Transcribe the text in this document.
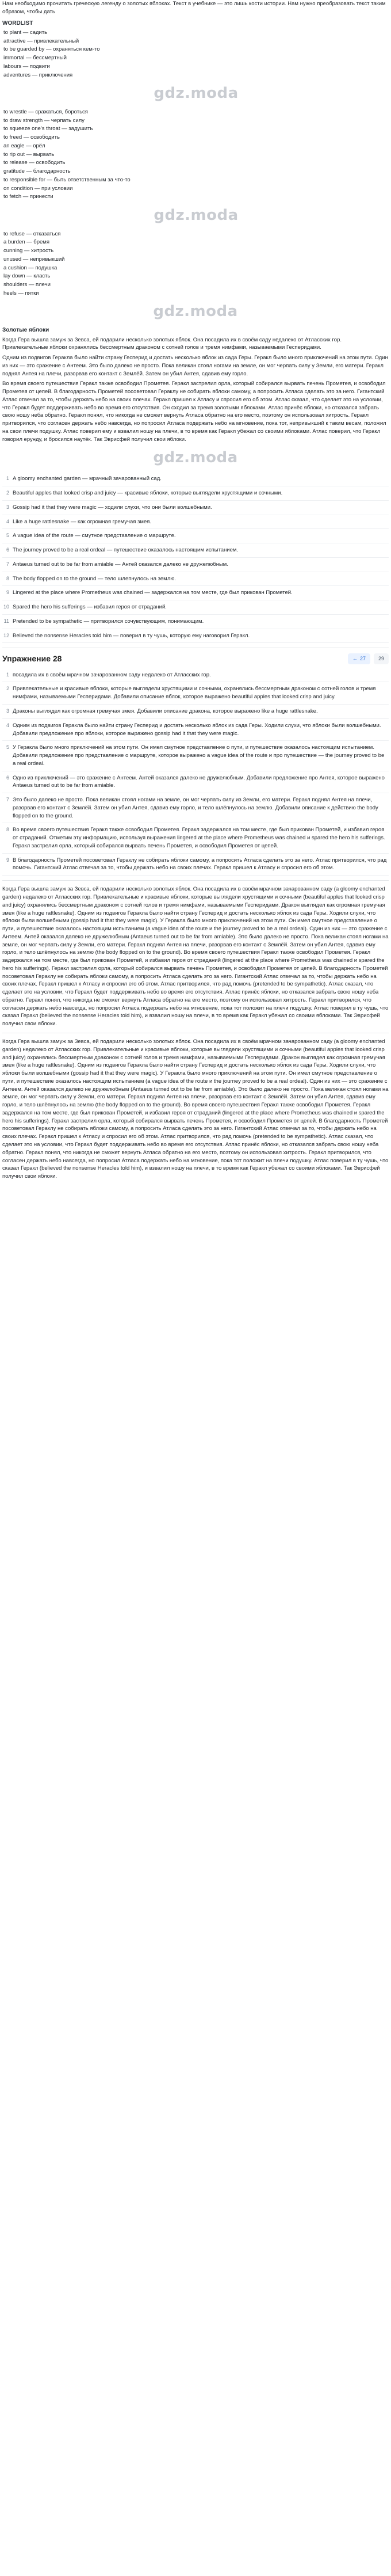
Нам необходимо прочитать греческую легенду о золотых яблоках. Текст в учебнике — это лишь кости истории. Нам нужно преобразовать текст таким образом, чтобы дать

WORDLIST
to plant — садить
attractive — привлекательный
to be guarded by — охраняться кем-то
immortal — бессмертный
labours — подвиги
adventures — приключения
gdz.moda
to wrestle — сражаться, бороться
to draw strength — черпать силу
to squeeze one's throat — задушить
to freed — освободить
an eagle — орёл
to rip out — вырвать
to release — освободить
gratitude — благодарность
to responsible for — быть ответственным за что-то
on condition — при условии
to fetch — принести
gdz.moda
to refuse — отказаться
a burden — бремя
cunning — хитрость
unused — непривыкший
a cushion — подушка
lay down — класть
shoulders — плечи
heels — пятки
gdz.moda
Золотые яблоки

Когда Гера вышла замуж за Зевса, ей подарили несколько золотых яблок. Она посадила их в своём саду недалеко от Атласских гор. Привлекательные яблоки охранялись бессмертным драконом с сотней голов и тремя нимфами, называемыми Гесперидами.

Одним из подвигов Геракла было найти страну Гесперид и достать несколько яблок из сада Геры. Геракл было много приключений на этом пути. Один из них — это сражение с Антеем. Это было далеко не просто. Пока великан стоял ногами на земле, он мог черпать силу у Земли, его матери. Геракл поднял Антея на плечи, разорвав его контакт с Землёй. Затем он убил Антея, сдавив ему горло.

Во время своего путешествия Геракл также освободил Прометея. Геракл застрелил орла, который собирался вырвать печень Прометея, и освободил Прометея от цепей. В благодарность Прометей посоветовал Гераклу не собирать яблоки самому, а попросить Атласа сделать это за него. Гигантский Атлас отвечал за то, чтобы держать небо на своих плечах. Геракл пришел к Атласу и спросил его об этом. Атлас сказал, что сделает это на условии, что Геракл будет поддерживать небо во время его отсутствия. Он сходил за тремя золотыми яблоками. Атлас принёс яблоки, но отказался забрать свою ношу неба обратно. Геракл понял, что никогда не сможет вернуть Атласа обратно на его место, поэтому он использовал хитрость. Геракл притворился, что согласен держать небо навсегда, но попросил Атласа подержать небо на мгновение, пока тот, непривыкший к таким весам, положил на свои плечи подушку. Атлас поверил ему и взвалил ношу на плечи, в то время как Геракл убежал со своими яблоками. Атлас поверил, что Геракл говорил ерунду, и бросился наутёк. Так Эврисфей получил свои яблоки.

gdz.moda
1 A gloomy enchanted garden — мрачный зачарованный сад.
2 Beautiful apples that looked crisp and juicy — красивые яблоки, которые выглядели хрустящими и сочными.
3 Gossip had it that they were magic — ходили слухи, что они были волшебными.
4 Like a huge rattlesnake — как огромная гремучая змея.
5 A vague idea of the route — смутное представление о маршруте.
6 The journey proved to be a real ordeal — путешествие оказалось настоящим испытанием.
7 Antaeus turned out to be far from amiable — Антей оказался далеко не дружелюбным.
8 The body flopped on to the ground — тело шлепнулось на землю.
9 Lingered at the place where Prometheus was chained — задержался на том месте, где был прикован Прометей.
10 Spared the hero his sufferings — избавил героя от страданий.
11 Pretended to be sympathetic — притворился сочувствующим, понимающим.
12 Believed the nonsense Heracles told him — поверил в ту чушь, которую ему наговорил Геракл.
Упражнение 28	← 27 29
1 посадила их в своём мрачном зачарованном саду недалеко от Атласских гор.
2 Привлекательные и красивые яблоки, которые выглядели хрустящими и сочными, охранялись бессмертным драконом с сотней голов и тремя нимфами, называемыми Гесперидами. Добавили описание яблок, которое выражено beautiful apples that looked crisp and juicy.
3 Драконы выглядел как огромная гремучая змея. Добавили описание дракона, которое выражено like a huge rattlesnake.
4 Одним из подвигов Геракла было найти страну Гесперид и достать несколько яблок из сада Геры. Ходили слухи, что яблоки были волшебными. Добавили предложение про яблоки, которое выражено gossip had it that they were magic.
5 У Геракла было много приключений на этом пути. Он имел смутное представление о пути, и путешествие оказалось настоящим испытанием. Добавили предложение про представление о маршруте, которое выражено a vague idea of the route и про путешествие — the journey proved to be a real ordeal.
6 Одно из приключений — это сражение с Антеем. Антей оказался далеко не дружелюбным. Добавили предложение про Антея, которое выражено Antaeus turned out to be far from amiable.
7 Это было далеко не просто. Пока великан стоял ногами на земле, он мог черпать силу из Земли, его матери. Геракл поднял Антея на плечи, разорвав его контакт с Землёй. Затем он убил Антея, сдавив ему горло, и тело шлёпнулось на землю. Добавили описание к действию the body flopped on to the ground.
8 Во время своего путешествия Геракл также освободил Прометея. Геракл задержался на том месте, где был прикован Прометей, и избавил героя от страданий. Отметим эту информацию, используя выражения lingered at the place where Prometheus was chained и spared the hero his sufferings. Геракл застрелил орла, который собирался вырвать печень Прометея, и освободил Прометея от цепей.
9 В благодарность Прометей посоветовал Гераклу не собирать яблоки самому, а попросить Атласа сделать это за него. Атлас притворился, что рад помочь. Гигантский Атлас отвечал за то, чтобы держать небо на своих плечах. Геракл пришел к Атласу и спросил его об этом.

Когда Гера вышла замуж за Зевса, ей подарили несколько золотых яблок. Она посадила их в своём мрачном зачарованном саду (a gloomy enchanted garden) недалеко от Атласских гор. Привлекательные и красивые яблоки, которые выглядели хрустящими и сочными (beautiful apples that looked crisp and juicy) охранялись бессмертным драконом с сотней голов и тремя нимфами, называемыми Гесперидами. Дракон выглядел как огромная гремучая змея (like a huge rattlesnake). Одним из подвигов Геракла было найти страну Гесперид и достать несколько яблок из сада Геры. Ходили слухи, что яблоки были волшебными (gossip had it that they were magic). У Геракла было много приключений на этом пути. Он имел смутное представление о пути, и путешествие оказалось настоящим испытанием (a vague idea of the route и the journey proved to be a real ordeal). Один из них — это сражение с Антеем. Антей оказался далеко не дружелюбным (Antaeus turned out to be far from amiable). Это было далеко не просто. Пока великан стоял ногами на земле, он мог черпать силу у Земли, его матери. Геракл поднял Антея на плечи, разорвав его контакт с Землёй. Затем он убил Антея, сдавив ему горло, и тело шлёпнулось на землю (the body flopped on to the ground). Во время своего путешествия Геракл также освободил Прометея. Геракл задержался на том месте, где был прикован Прометей, и избавил героя от страданий (lingered at the place where Prometheus was chained и spared the hero his sufferings). Геракл застрелил орла, который собирался вырвать печень Прометея, и освободил Прометея от цепей. В благодарность Прометей посоветовал Гераклу не собирать яблоки самому, а попросить Атласа сделать это за него. Гигантский Атлас отвечал за то, чтобы держать небо на своих плечах. Геракл пришел к Атласу и спросил его об этом. Атлас притворился, что рад помочь (pretended to be sympathetic). Атлас сказал, что сделает это на условии, что Геракл будет поддерживать небо во время его отсутствия. Атлас принёс яблоки, но отказался забрать свою ношу неба обратно. Геракл понял, что никогда не сможет вернуть Атласа обратно на его место, поэтому он использовал хитрость. Геракл притворился, что согласен держать небо навсегда, но попросил Атласа подержать небо на мгновение, пока тот положит на плечи подушку. Атлас поверил в ту чушь, что сказал Геракл (believed the nonsense Heracles told him), и взвалил ношу на плечи, в то время как Геракл убежал со своими яблоками. Так Эврисфей получил свои яблоки.

Когда Гера вышла замуж за Зевса, ей подарили несколько золотых яблок. Она посадила их в своём мрачном зачарованном саду (a gloomy enchanted garden) недалеко от Атласских гор. Привлекательные и красивые яблоки, которые выглядели хрустящими и сочными (beautiful apples that looked crisp and juicy) охранялись бессмертным драконом с сотней голов и тремя нимфами, называемыми Гесперидами. Дракон выглядел как огромная гремучая змея (like a huge rattlesnake). Одним из подвигов Геракла было найти страну Гесперид и достать несколько яблок из сада Геры. Ходили слухи, что яблоки были волшебными (gossip had it that they were magic). У Геракла было много приключений на этом пути. Он имел смутное представление о пути, и путешествие оказалось настоящим испытанием (a vague idea of the route и the journey proved to be a real ordeal). Один из них — это сражение с Антеем. Антей оказался далеко не дружелюбным (Antaeus turned out to be far from amiable). Это было далеко не просто. Пока великан стоял ногами на земле, он мог черпать силу у Земли, его матери. Геракл поднял Антея на плечи, разорвав его контакт с Землёй. Затем он убил Антея, сдавив ему горло, и тело шлёпнулось на землю (the body flopped on to the ground). Во время своего путешествия Геракл также освободил Прометея. Геракл задержался на том месте, где был прикован Прометей, и избавил героя от страданий (lingered at the place where Prometheus was chained и spared the hero his sufferings). Геракл застрелил орла, который собирался вырвать печень Прометея, и освободил Прометея от цепей. В благодарность Прометей посоветовал Гераклу не собирать яблоки самому, а попросить Атласа сделать это за него. Гигантский Атлас отвечал за то, чтобы держать небо на своих плечах. Геракл пришел к Атласу и спросил его об этом. Атлас притворился, что рад помочь (pretended to be sympathetic). Атлас сказал, что сделает это на условии, что Геракл будет поддерживать небо во время его отсутствия. Атлас принёс яблоки, но отказался забрать свою ношу неба обратно. Геракл понял, что никогда не сможет вернуть Атласа обратно на его место, поэтому он использовал хитрость. Геракл притворился, что согласен держать небо навсегда, но попросил Атласа подержать небо на мгновение, пока тот положит на плечи подушку. Атлас поверил в ту чушь, что сказал Геракл (believed the nonsense Heracles told him), и взвалил ношу на плечи, в то время как Геракл убежал со своими яблоками. Так Эврисфей получил свои яблоки.
